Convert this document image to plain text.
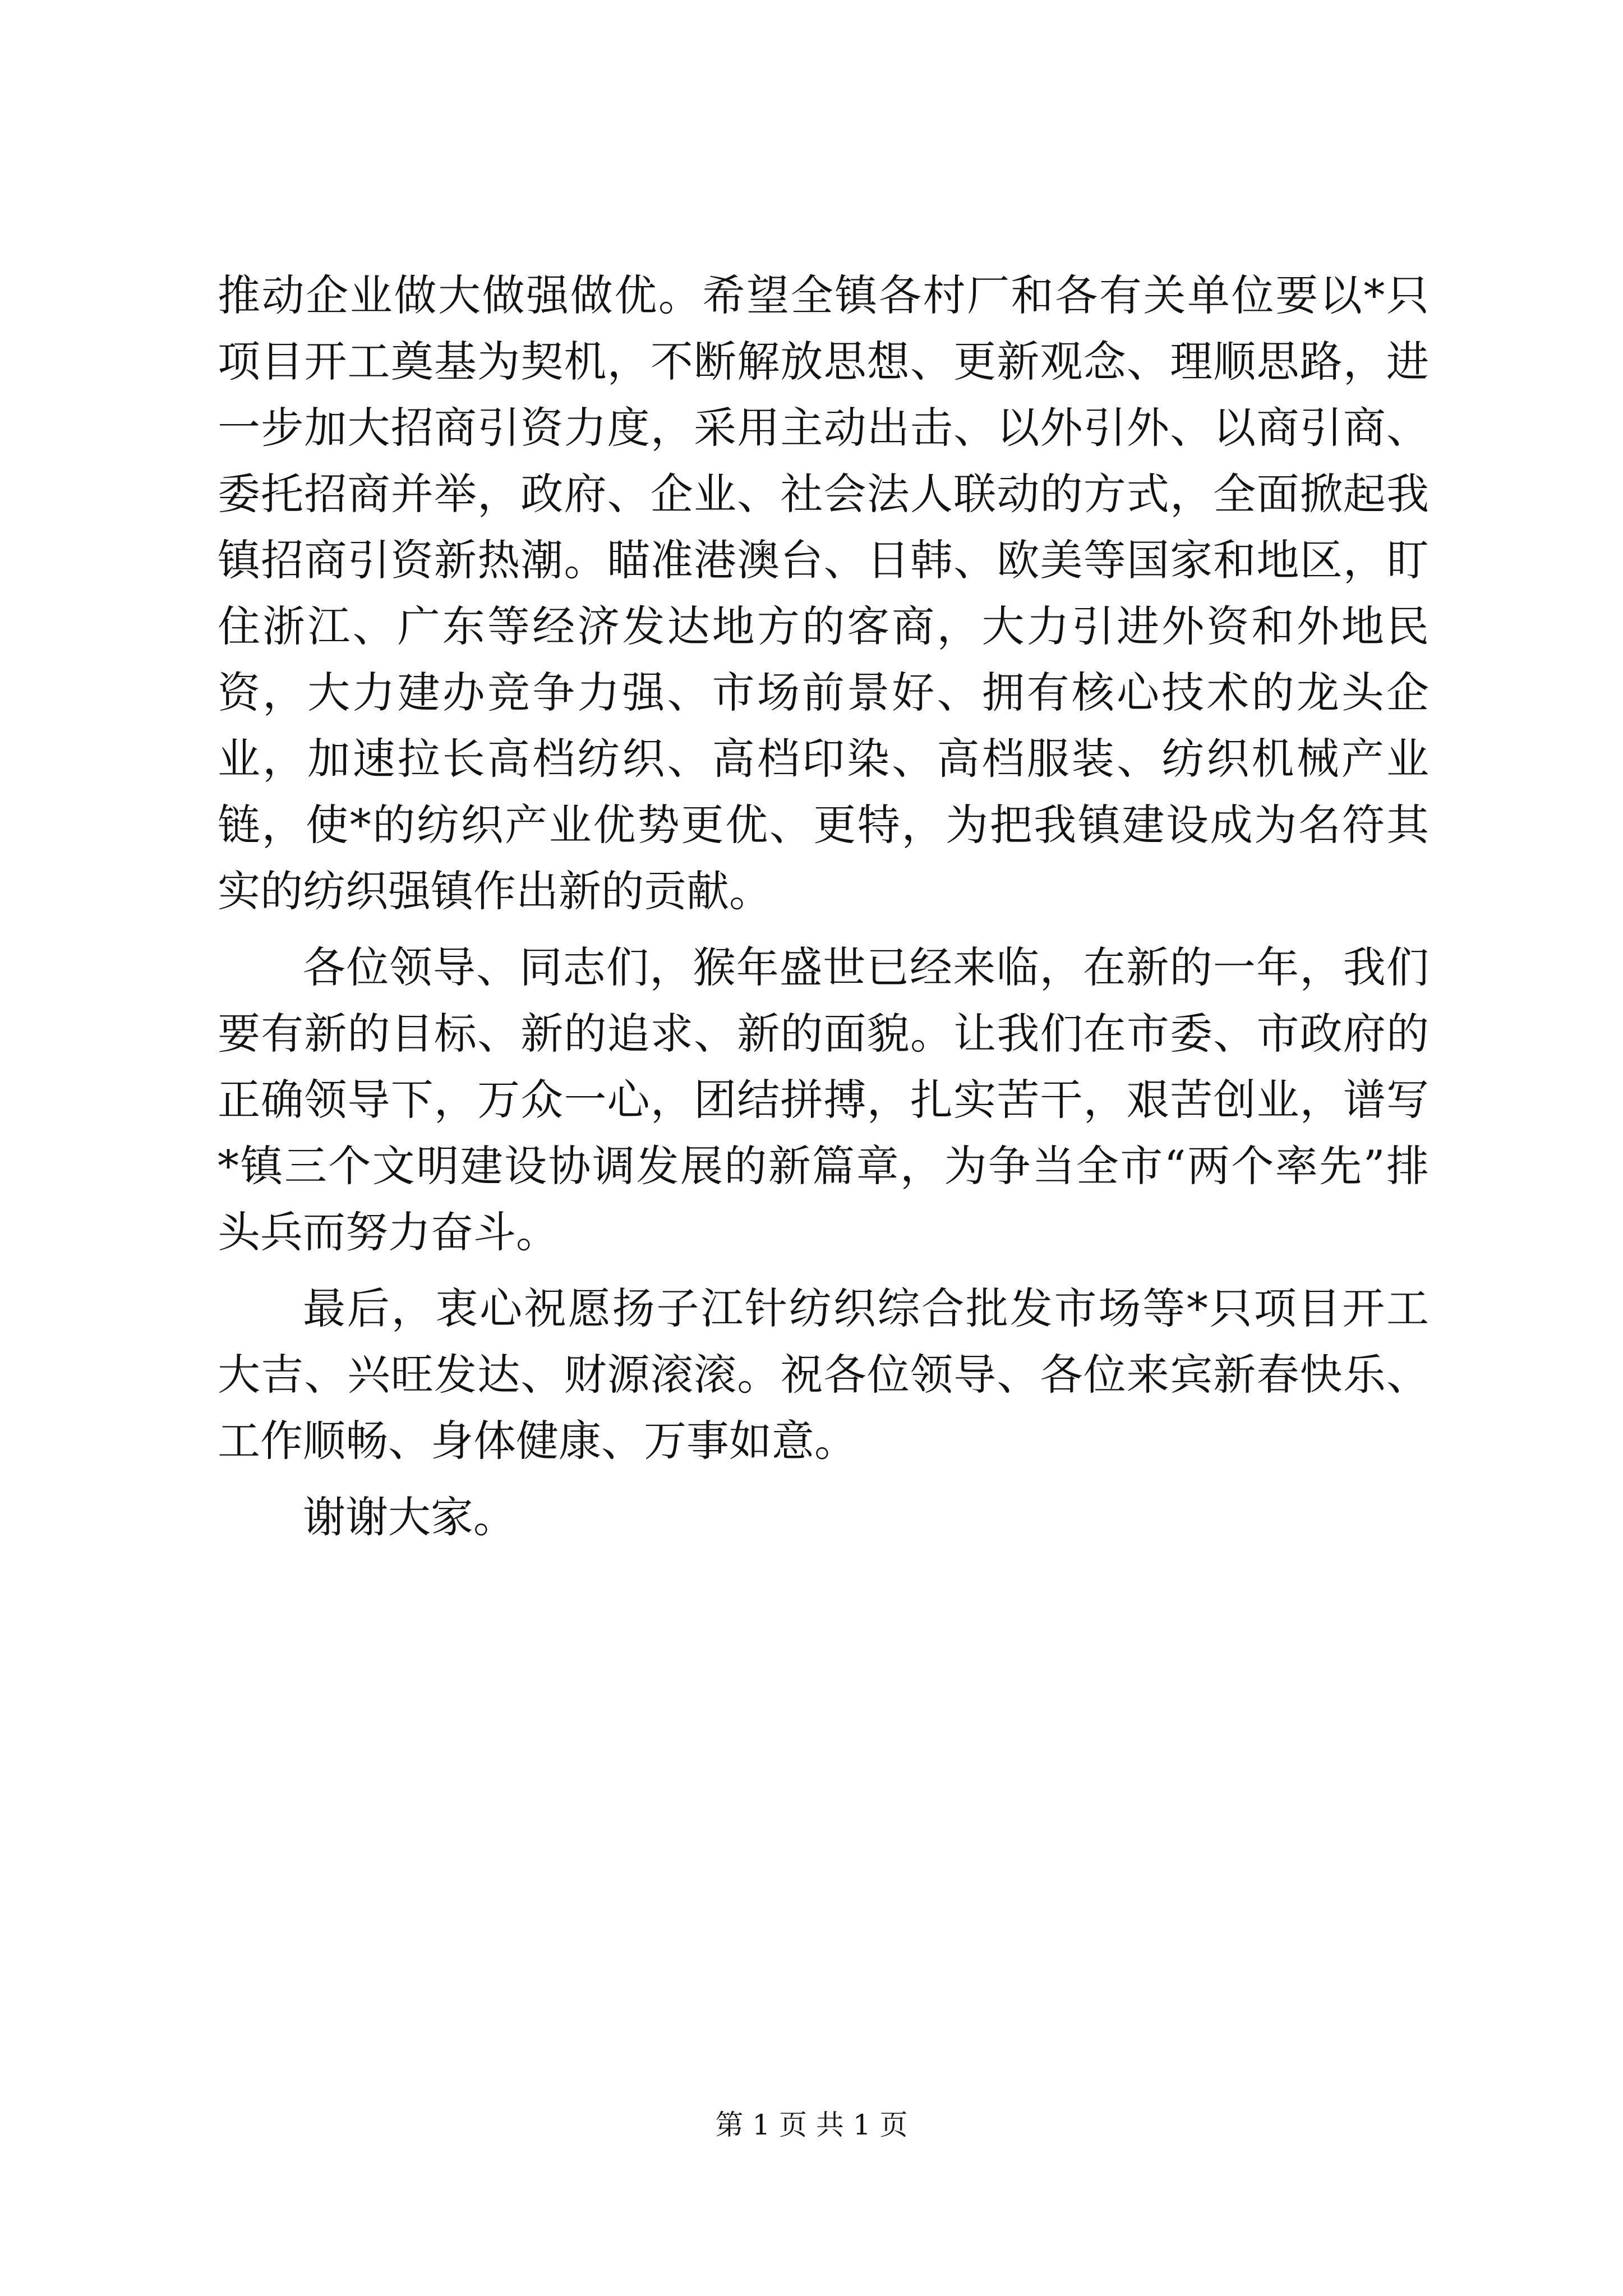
推动企业做大做强做优。希望全镇各村厂和各有关单位要以*只项目开工奠基为契机，不断解放思想、更新观念、理顺思路，进一步加大招商引资力度，采用主动出击、以外引外、以商引商、委托招商并举，政府、企业、社会法人联动的方式，全面掀起我镇招商引资新热潮。瞄准港澳台、日韩、欧美等国家和地区，盯住浙江、广东等经济发达地方的客商，大力引进外资和外地民资，大力建办竞争力强、市场前景好、拥有核心技术的龙头企业，加速拉长高档纺织、高档印染、高档服装、纺织机械产业链，使*的纺织产业优势更优、更特，为把我镇建设成为名符其实的纺织强镇作出新的贡献。

各位领导、同志们，猴年盛世已经来临，在新的一年，我们要有新的目标、新的追求、新的面貌。让我们在市委、市政府的正确领导下，万众一心，团结拼搏，扎实苦干，艰苦创业，谱写*镇三个文明建设协调发展的新篇章，为争当全市“两个率先”排头兵而努力奋斗。

最后，衷心祝愿扬子江针纺织综合批发市场等*只项目开工大吉、兴旺发达、财源滚滚。祝各位领导、各位来宾新春快乐、工作顺畅、身体健康、万事如意。

谢谢大家。

第 1 页 共 1 页
